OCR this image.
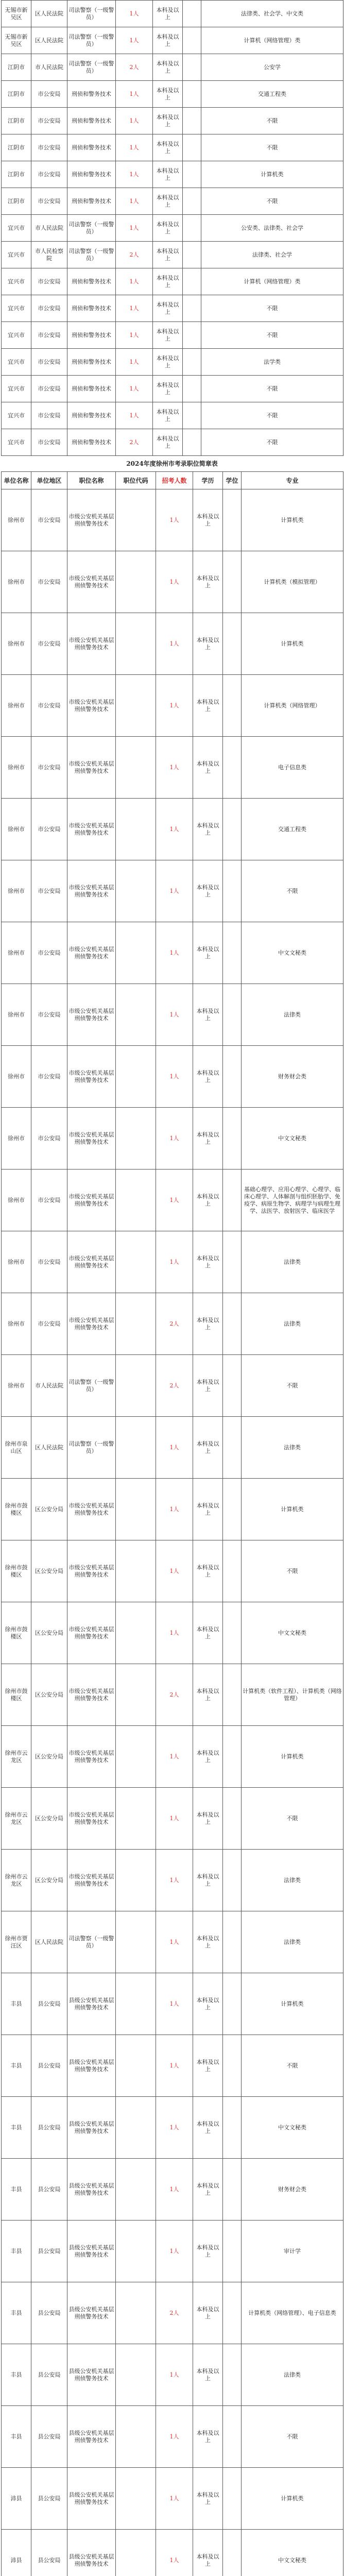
无锡市新吴区	区人民法院	司法警察（一级警员）	1人	本科及以上		法律类、社会学、中文类
无锡市新吴区	区人民法院	司法警察（一级警员）	1人	本科及以上		计算机（网络管理）类
江阴市	市人民法院	司法警察（一级警员）	2人	本科及以上		公安学
江阴市	市公安局	刑侦和警务技术	1人	本科及以上		交通工程类
江阴市	市公安局	刑侦和警务技术	1人	本科及以上		不限
江阴市	市公安局	刑侦和警务技术	1人	本科及以上		不限
江阴市	市公安局	刑侦和警务技术	1人	本科及以上		计算机类
江阴市	市公安局	刑侦和警务技术	1人	本科及以上		不限
宜兴市	市人民法院	司法警察（一级警员）	1人	本科及以上		公安类、法律类、社会学
宜兴市	市人民检察院	司法警察（一级警员）	2人	本科及以上		法律类、社会学
宜兴市	市公安局	刑侦和警务技术	1人	本科及以上		计算机（网络管理）类
宜兴市	市公安局	刑侦和警务技术	1人	本科及以上		不限
宜兴市	市公安局	刑侦和警务技术	1人	本科及以上		不限
宜兴市	市公安局	刑侦和警务技术	1人	本科及以上		法学类
宜兴市	市公安局	刑侦和警务技术	1人	本科及以上		不限
宜兴市	市公安局	刑侦和警务技术	1人	本科及以上		不限
宜兴市	市公安局	刑侦和警务技术	2人	本科及以上		不限
2024年度徐州市考录职位简章表
单位名称	单位地区	职位名称	职位代码	招考人数	学历	学位	专业
徐州市	市公安局	市级公安机关基层刑侦警务技术		1人	本科及以上		计算机类
徐州市	市公安局	市级公安机关基层刑侦警务技术		1人	本科及以上		计算机类（模拟管理）
徐州市	市公安局	市级公安机关基层刑侦警务技术		1人	本科及以上		计算机类
徐州市	市公安局	市级公安机关基层刑侦警务技术		1人	本科及以上		计算机类（网络管理）
徐州市	市公安局	市级公安机关基层刑侦警务技术		1人	本科及以上		电子信息类
徐州市	市公安局	市级公安机关基层刑侦警务技术		1人	本科及以上		交通工程类
徐州市	市公安局	市级公安机关基层刑侦警务技术		1人	本科及以上		不限
徐州市	市公安局	市级公安机关基层刑侦警务技术		1人	本科及以上		中文文秘类
徐州市	市公安局	市级公安机关基层刑侦警务技术		1人	本科及以上		法律类
徐州市	市公安局	市级公安机关基层刑侦警务技术		1人	本科及以上		财务财会类
徐州市	市公安局	市级公安机关基层刑侦警务技术		1人	本科及以上		中文文秘类
徐州市	市公安局	市级公安机关基层刑侦警务技术		1人	本科及以上		基础心理学、应用心理学、心理学、临床心理学、人体解剖与组织胚胎学、免疫学、病原生物学、病理学与病理生理学、法医学、放射医学、临床医学
徐州市	市公安局	市级公安机关基层刑侦警务技术		1人	本科及以上		法律类
徐州市	市公安局	市级公安机关基层刑侦警务技术		2人	本科及以上		法律类
徐州市	市人民法院	司法警察（一级警员）		2人	本科及以上		不限
徐州市泉山区	区人民法院	司法警察（一级警员）		1人	本科及以上		法律类
徐州市鼓楼区	区公安分局	市级公安机关基层刑侦警务技术		1人	本科及以上		计算机类
徐州市鼓楼区	区公安分局	市级公安机关基层刑侦警务技术		1人	本科及以上		不限
徐州市鼓楼区	区公安分局	市级公安机关基层刑侦警务技术		1人	本科及以上		中文文秘类
徐州市鼓楼区	区公安分局	市级公安机关基层刑侦警务技术		2人	本科及以上		计算机类（软件工程）、计算机类（网络管理）
徐州市云龙区	区公安分局	市级公安机关基层刑侦警务技术		1人	本科及以上		计算机类
徐州市云龙区	区公安分局	市级公安机关基层刑侦警务技术		1人	本科及以上		不限
徐州市云龙区	区公安分局	市级公安机关基层刑侦警务技术		1人	本科及以上		法律类
徐州市贾汪区	区人民法院	司法警察（一级警员）		1人	本科及以上		法律类
丰县	县公安局	县级公安机关基层刑侦警务技术		1人	本科及以上		计算机类
丰县	县公安局	县级公安机关基层刑侦警务技术		1人	本科及以上		不限
丰县	县公安局	县级公安机关基层刑侦警务技术		1人	本科及以上		中文文秘类
丰县	县公安局	县级公安机关基层刑侦警务技术		1人	本科及以上		财务财会类
丰县	县公安局	县级公安机关基层刑侦警务技术		1人	本科及以上		审计学
丰县	县公安局	县级公安机关基层刑侦警务技术		2人	本科及以上		计算机类（网络管理）、电子信息类
丰县	县公安局	县级公安机关基层刑侦警务技术		1人	本科及以上		法律类
丰县	县公安局	县级公安机关基层刑侦警务技术		1人	本科及以上		不限
沛县	县公安局	县级公安机关基层刑侦警务技术		1人	本科及以上		计算机类
沛县	县公安局	县级公安机关基层刑侦警务技术		1人	本科及以上		中文文秘类
